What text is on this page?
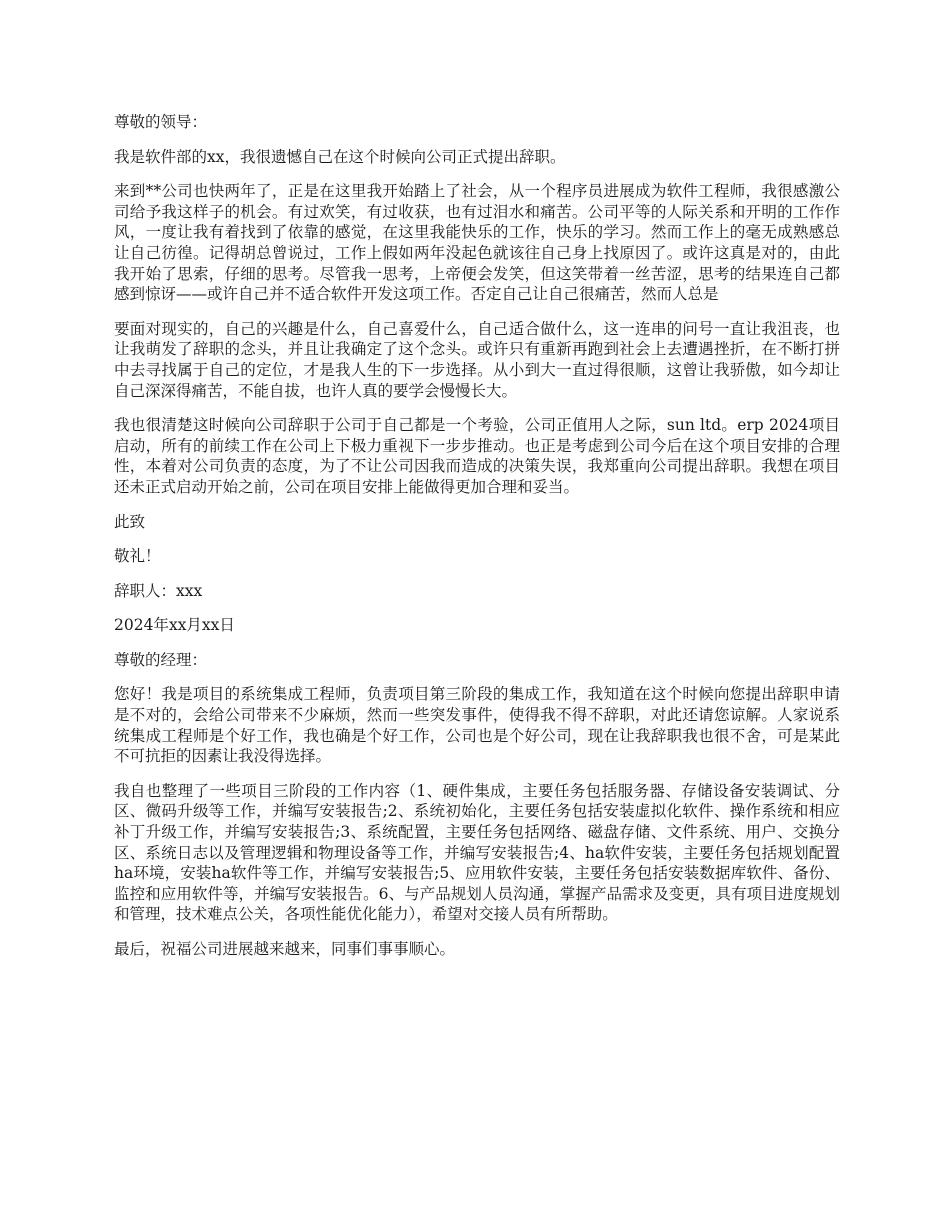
尊敬的领导：

我是软件部的xx，我很遗憾自己在这个时候向公司正式提出辞职。

来到**公司也快两年了，正是在这里我开始踏上了社会，从一个程序员进展成为软件工程师，我很感激公司给予我这样子的机会。有过欢笑，有过收获，也有过泪水和痛苦。公司平等的人际关系和开明的工作作风，一度让我有着找到了依靠的感觉，在这里我能快乐的工作，快乐的学习。然而工作上的毫无成熟感总让自己彷徨。记得胡总曾说过，工作上假如两年没起色就该往自己身上找原因了。或许这真是对的，由此我开始了思索，仔细的思考。尽管我一思考，上帝便会发笑，但这笑带着一丝苦涩，思考的结果连自己都感到惊讶——或许自己并不适合软件开发这项工作。否定自己让自己很痛苦，然而人总是

要面对现实的，自己的兴趣是什么，自己喜爱什么，自己适合做什么，这一连串的问号一直让我沮丧，也让我萌发了辞职的念头，并且让我确定了这个念头。或许只有重新再跑到社会上去遭遇挫折，在不断打拼中去寻找属于自己的定位，才是我人生的下一步选择。从小到大一直过得很顺，这曾让我骄傲，如今却让自己深深得痛苦，不能自拔，也许人真的要学会慢慢长大。

我也很清楚这时候向公司辞职于公司于自己都是一个考验，公司正值用人之际，sun ltd。erp 2024项目启动，所有的前续工作在公司上下极力重视下一步步推动。也正是考虑到公司今后在这个项目安排的合理性，本着对公司负责的态度，为了不让公司因我而造成的决策失误，我郑重向公司提出辞职。我想在项目还未正式启动开始之前，公司在项目安排上能做得更加合理和妥当。

此致

敬礼！

辞职人：xxx

2024年xx月xx日

尊敬的经理：

您好！我是项目的系统集成工程师，负责项目第三阶段的集成工作，我知道在这个时候向您提出辞职申请是不对的，会给公司带来不少麻烦，然而一些突发事件，使得我不得不辞职，对此还请您谅解。人家说系统集成工程师是个好工作，我也确是个好工作，公司也是个好公司，现在让我辞职我也很不舍，可是某此不可抗拒的因素让我没得选择。

我自也整理了一些项目三阶段的工作内容（1、硬件集成，主要任务包括服务器、存储设备安装调试、分区、微码升级等工作，并编写安装报告;2、系统初始化，主要任务包括安装虚拟化软件、操作系统和相应补丁升级工作，并编写安装报告;3、系统配置，主要任务包括网络、磁盘存储、文件系统、用户、交换分区、系统日志以及管理逻辑和物理设备等工作，并编写安装报告;4、ha软件安装，主要任务包括规划配置ha环境，安装ha软件等工作，并编写安装报告;5、应用软件安装，主要任务包括安装数据库软件、备份、监控和应用软件等，并编写安装报告。6、与产品规划人员沟通，掌握产品需求及变更，具有项目进度规划和管理，技术难点公关，各项性能优化能力），希望对交接人员有所帮助。

最后，祝福公司进展越来越来，同事们事事顺心。
